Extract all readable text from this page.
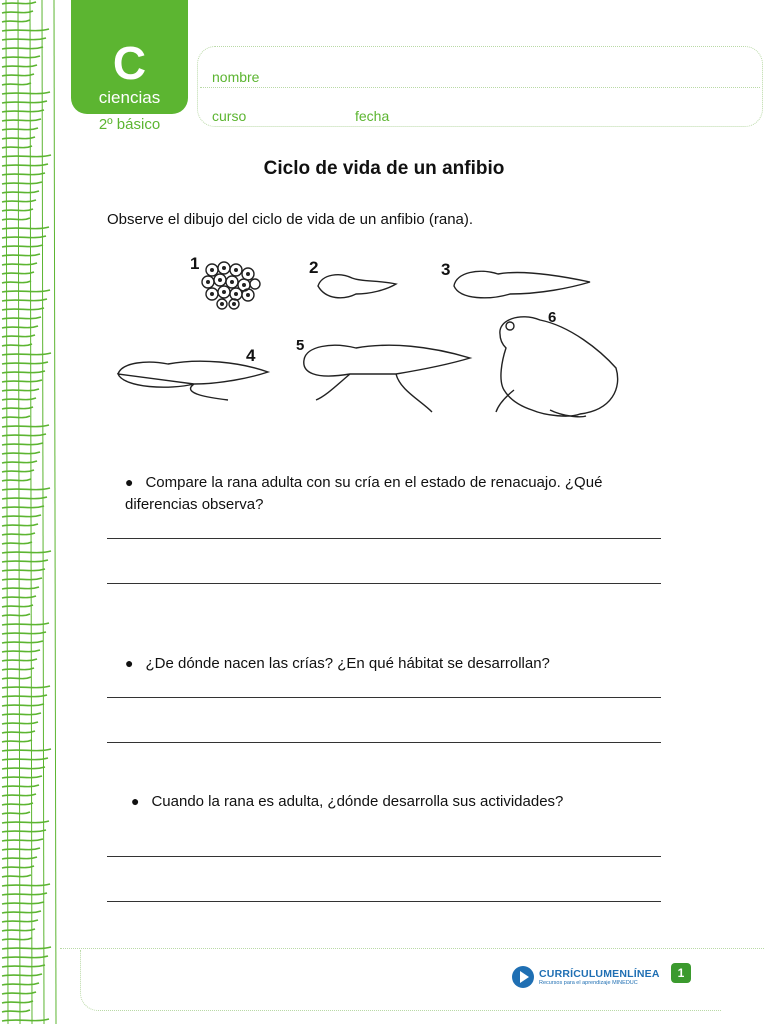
C
ciencias
2º básico
nombre
curso	fecha
Ciclo de vida de un anfibio
Observe el dibujo del ciclo de vida de un anfibio (rana).
1	2	3
4
5
6
● Compare la rana adulta con su cría en el estado de renacuajo. ¿Qué
diferencias observa?
● ¿De dónde nacen las crías? ¿En qué hábitat se desarrollan?
● Cuando la rana es adulta, ¿dónde desarrolla sus actividades?
CURRÍCULUMENLÍNEA
Recursos para el aprendizaje MINEDUC
1
